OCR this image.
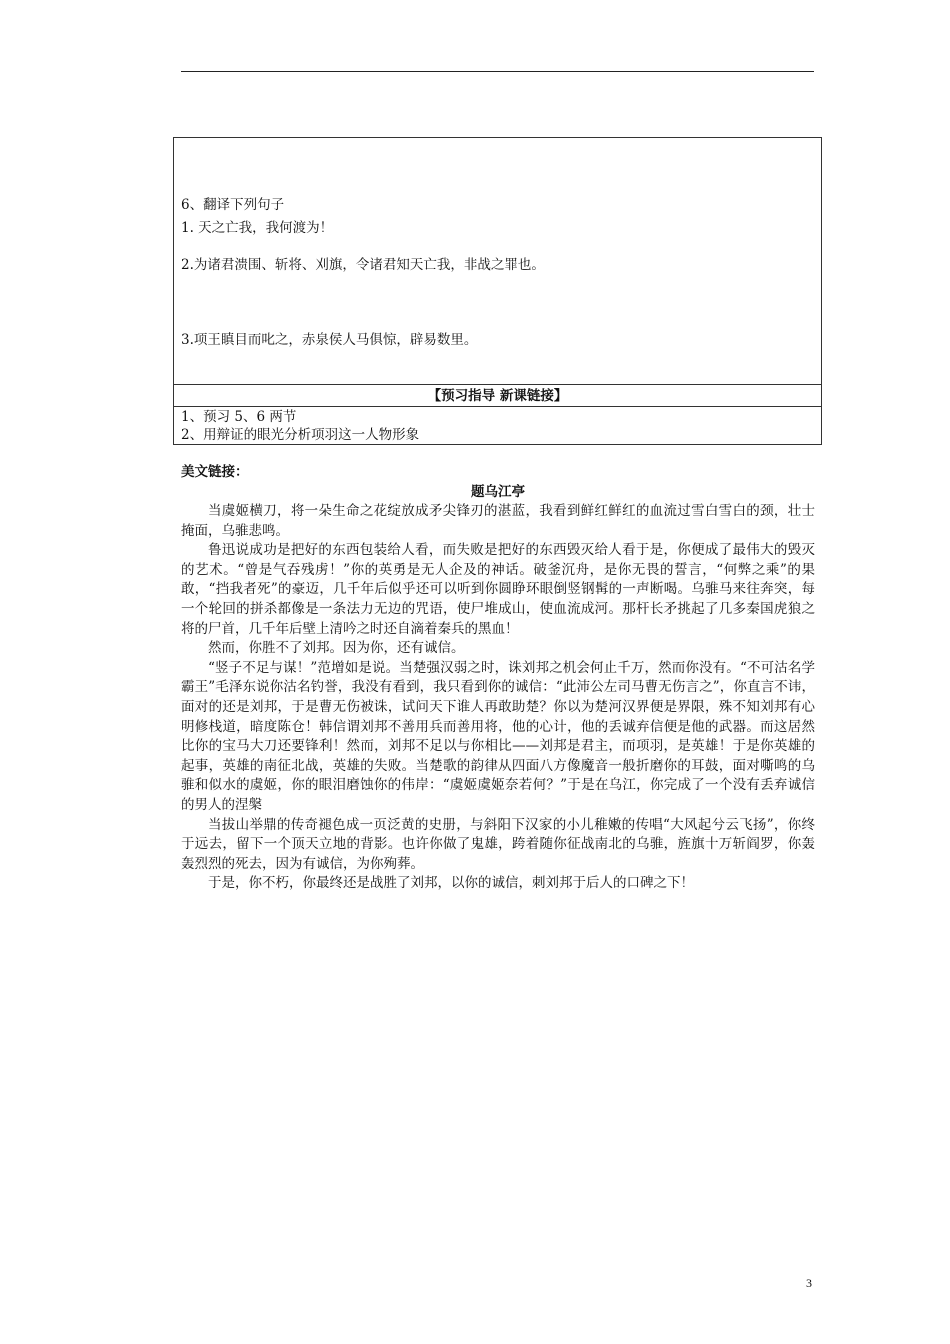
6、翻译下列句子
1. 天之亡我，我何渡为！
2.为诸君溃围、斩将、刈旗，令诸君知天亡我，非战之罪也。
3.项王瞋目而叱之，赤泉侯人马俱惊，辟易数里。
【预习指导 新课链接】
1、预习 5、6 两节
2、用辩证的眼光分析项羽这一人物形象
美文链接：
题乌江亭

当虞姬横刀，将一朵生命之花绽放成矛尖锋刃的湛蓝，我看到鲜红鲜红的血流过雪白雪白的颈，壮士掩面，乌骓悲鸣。

鲁迅说成功是把好的东西包装给人看，而失败是把好的东西毁灭给人看于是，你便成了最伟大的毁灭的艺术。“曾是气吞残虏！”你的英勇是无人企及的神话。破釜沉舟，是你无畏的誓言，“何弊之乘”的果敢，“挡我者死”的豪迈，几千年后似乎还可以听到你圆睁环眼倒竖钢髯的一声断喝。乌骓马来往奔突，每一个轮回的拼杀都像是一条法力无边的咒语，使尸堆成山，使血流成河。那杆长矛挑起了几多秦国虎狼之将的尸首，几千年后壁上清吟之时还自滴着秦兵的黑血！

然而，你胜不了刘邦。因为你，还有诚信。

“竖子不足与谋！”范增如是说。当楚强汉弱之时，诛刘邦之机会何止千万，然而你没有。“不可沽名学霸王”毛泽东说你沽名钓誉，我没有看到，我只看到你的诚信：“此沛公左司马曹无伤言之”，你直言不讳，面对的还是刘邦，于是曹无伤被诛，试问天下谁人再敢助楚？你以为楚河汉界便是界限，殊不知刘邦有心明修栈道，暗度陈仓！韩信谓刘邦不善用兵而善用将，他的心计，他的丢诚弃信便是他的武器。而这居然比你的宝马大刀还要锋利！然而，刘邦不足以与你相比——刘邦是君主，而项羽，是英雄！于是你英雄的起事，英雄的南征北战，英雄的失败。当楚歌的韵律从四面八方像魔音一般折磨你的耳鼓，面对嘶鸣的乌骓和似水的虞姬，你的眼泪磨蚀你的伟岸：“虞姬虞姬奈若何？”于是在乌江，你完成了一个没有丢弃诚信的男人的涅槃

当拔山举鼎的传奇褪色成一页泛黄的史册，与斜阳下汉家的小儿稚嫩的传唱“大风起兮云飞扬”，你终于远去，留下一个顶天立地的背影。也许你做了鬼雄，跨着随你征战南北的乌骓，旌旗十万斩阎罗，你轰轰烈烈的死去，因为有诚信，为你殉葬。

于是，你不朽，你最终还是战胜了刘邦，以你的诚信，刺刘邦于后人的口碑之下！

3
